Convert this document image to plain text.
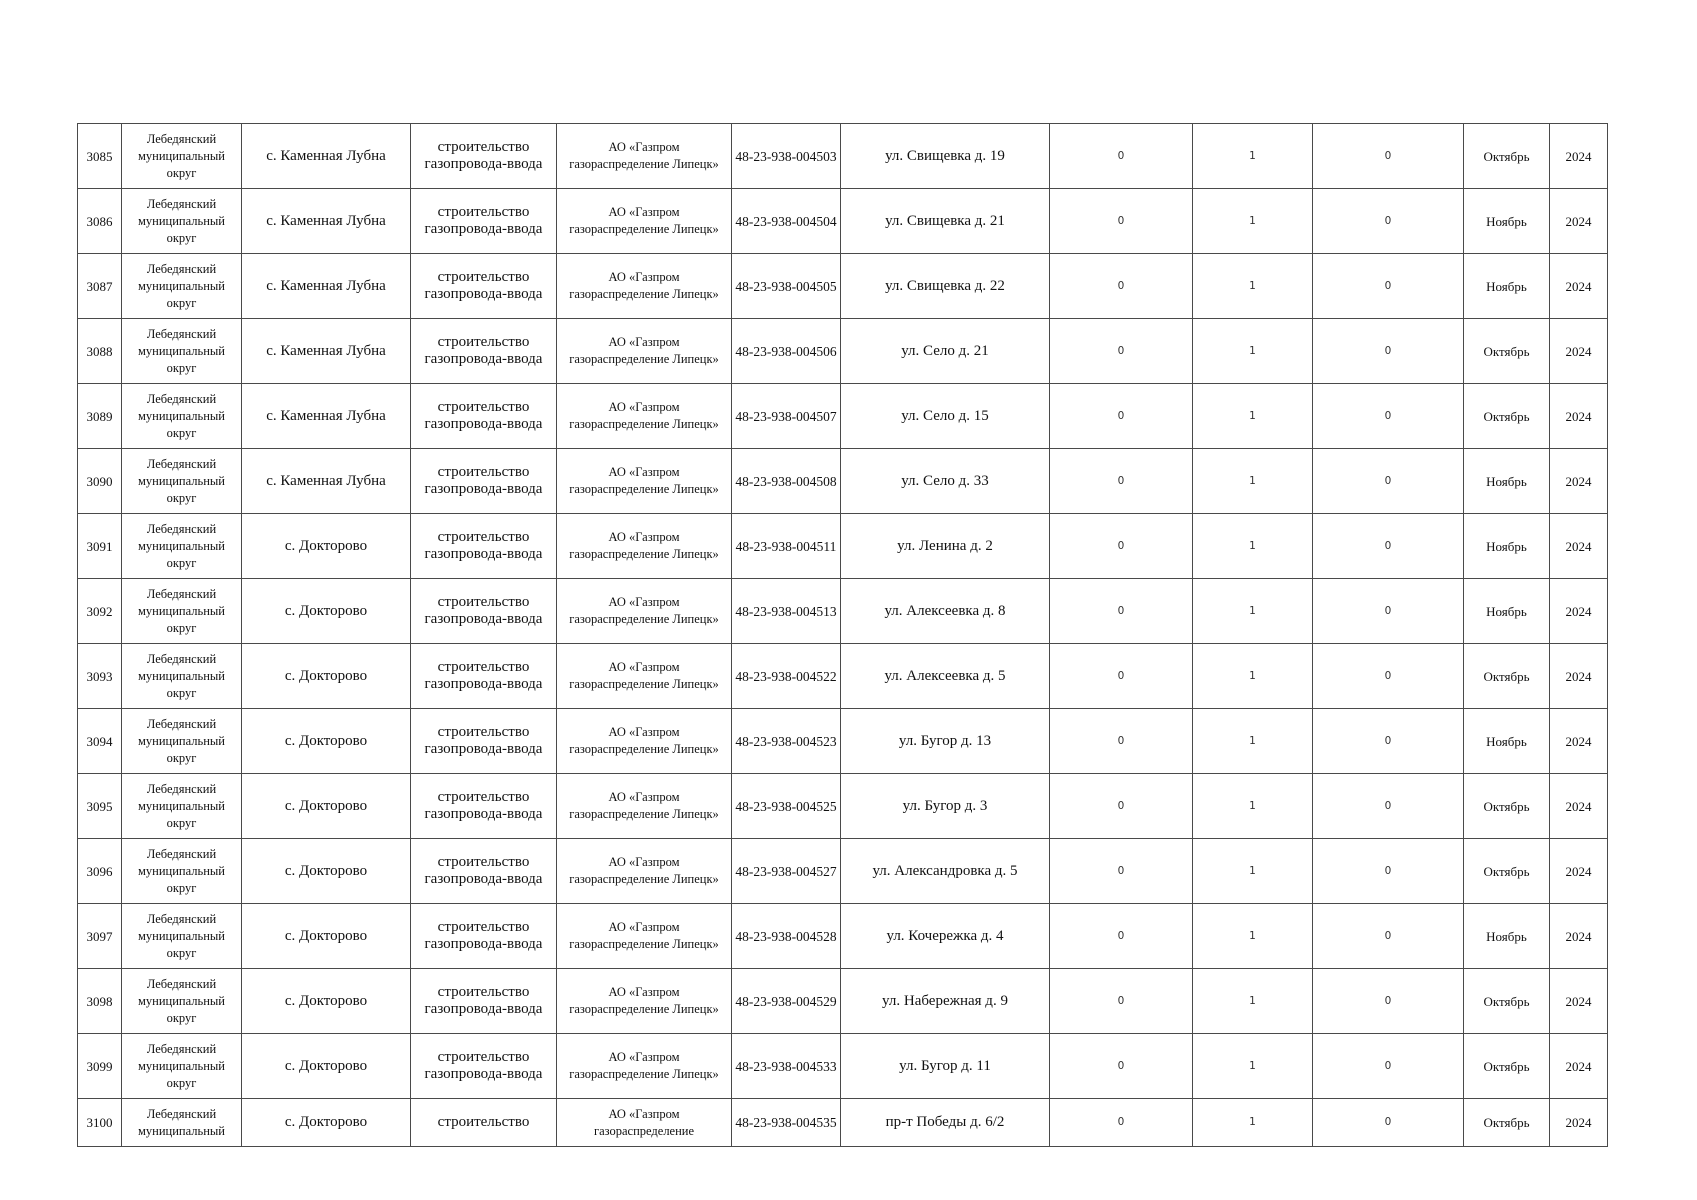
3085	Лебедянский муниципальный округ	с. Каменная Лубна	строительство газопровода-ввода	АО «Газпром газораспределение Липецк»	48-23-938-004503	ул. Свищевка д. 19	0	1	0	Октябрь	2024
3086	Лебедянский муниципальный округ	с. Каменная Лубна	строительство газопровода-ввода	АО «Газпром газораспределение Липецк»	48-23-938-004504	ул. Свищевка д. 21	0	1	0	Ноябрь	2024
3087	Лебедянский муниципальный округ	с. Каменная Лубна	строительство газопровода-ввода	АО «Газпром газораспределение Липецк»	48-23-938-004505	ул. Свищевка д. 22	0	1	0	Ноябрь	2024
3088	Лебедянский муниципальный округ	с. Каменная Лубна	строительство газопровода-ввода	АО «Газпром газораспределение Липецк»	48-23-938-004506	ул. Село д. 21	0	1	0	Октябрь	2024
3089	Лебедянский муниципальный округ	с. Каменная Лубна	строительство газопровода-ввода	АО «Газпром газораспределение Липецк»	48-23-938-004507	ул. Село д. 15	0	1	0	Октябрь	2024
3090	Лебедянский муниципальный округ	с. Каменная Лубна	строительство газопровода-ввода	АО «Газпром газораспределение Липецк»	48-23-938-004508	ул. Село д. 33	0	1	0	Ноябрь	2024
3091	Лебедянский муниципальный округ	с. Докторово	строительство газопровода-ввода	АО «Газпром газораспределение Липецк»	48-23-938-004511	ул. Ленина д. 2	0	1	0	Ноябрь	2024
3092	Лебедянский муниципальный округ	с. Докторово	строительство газопровода-ввода	АО «Газпром газораспределение Липецк»	48-23-938-004513	ул. Алексеевка д. 8	0	1	0	Ноябрь	2024
3093	Лебедянский муниципальный округ	с. Докторово	строительство газопровода-ввода	АО «Газпром газораспределение Липецк»	48-23-938-004522	ул. Алексеевка д. 5	0	1	0	Октябрь	2024
3094	Лебедянский муниципальный округ	с. Докторово	строительство газопровода-ввода	АО «Газпром газораспределение Липецк»	48-23-938-004523	ул. Бугор д. 13	0	1	0	Ноябрь	2024
3095	Лебедянский муниципальный округ	с. Докторово	строительство газопровода-ввода	АО «Газпром газораспределение Липецк»	48-23-938-004525	ул. Бугор д. 3	0	1	0	Октябрь	2024
3096	Лебедянский муниципальный округ	с. Докторово	строительство газопровода-ввода	АО «Газпром газораспределение Липецк»	48-23-938-004527	ул. Александровка д. 5	0	1	0	Октябрь	2024
3097	Лебедянский муниципальный округ	с. Докторово	строительство газопровода-ввода	АО «Газпром газораспределение Липецк»	48-23-938-004528	ул. Кочережка д. 4	0	1	0	Ноябрь	2024
3098	Лебедянский муниципальный округ	с. Докторово	строительство газопровода-ввода	АО «Газпром газораспределение Липецк»	48-23-938-004529	ул. Набережная д. 9	0	1	0	Октябрь	2024
3099	Лебедянский муниципальный округ	с. Докторово	строительство газопровода-ввода	АО «Газпром газораспределение Липецк»	48-23-938-004533	ул. Бугор д. 11	0	1	0	Октябрь	2024
3100	Лебедянский муниципальный	с. Докторово	строительство	АО «Газпром газораспределение	48-23-938-004535	пр-т Победы д. 6/2	0	1	0	Октябрь	2024
